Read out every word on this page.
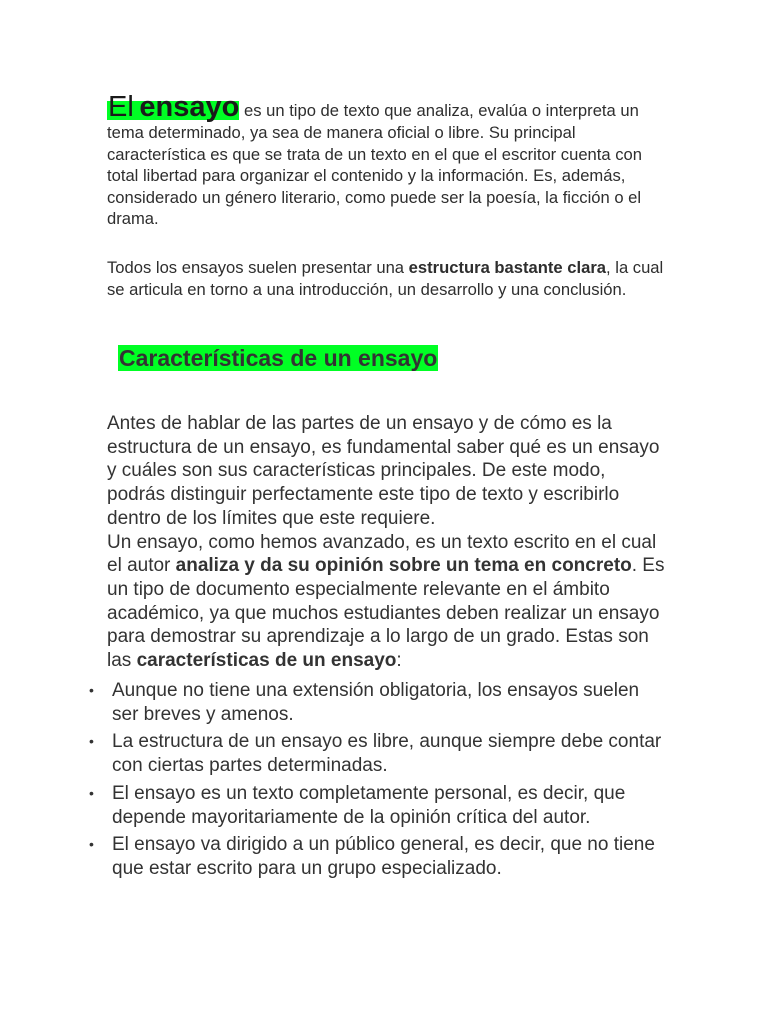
El ensayo es un tipo de texto que analiza, evalúa o interpreta un tema determinado, ya sea de manera oficial o libre. Su principal característica es que se trata de un texto en el que el escritor cuenta con total libertad para organizar el contenido y la información. Es, además, considerado un género literario, como puede ser la poesía, la ficción o el drama.

Todos los ensayos suelen presentar una estructura bastante clara, la cual se articula en torno a una introducción, un desarrollo y una conclusión.

Características de un ensayo

Antes de hablar de las partes de un ensayo y de cómo es la estructura de un ensayo, es fundamental saber qué es un ensayo y cuáles son sus características principales. De este modo, podrás distinguir perfectamente este tipo de texto y escribirlo dentro de los límites que este requiere.

Un ensayo, como hemos avanzado, es un texto escrito en el cual el autor analiza y da su opinión sobre un tema en concreto. Es un tipo de documento especialmente relevante en el ámbito académico, ya que muchos estudiantes deben realizar un ensayo para demostrar su aprendizaje a lo largo de un grado. Estas son las características de un ensayo:

• Aunque no tiene una extensión obligatoria, los ensayos suelen ser breves y amenos.
• La estructura de un ensayo es libre, aunque siempre debe contar con ciertas partes determinadas.
• El ensayo es un texto completamente personal, es decir, que depende mayoritariamente de la opinión crítica del autor.
• El ensayo va dirigido a un público general, es decir, que no tiene que estar escrito para un grupo especializado.
